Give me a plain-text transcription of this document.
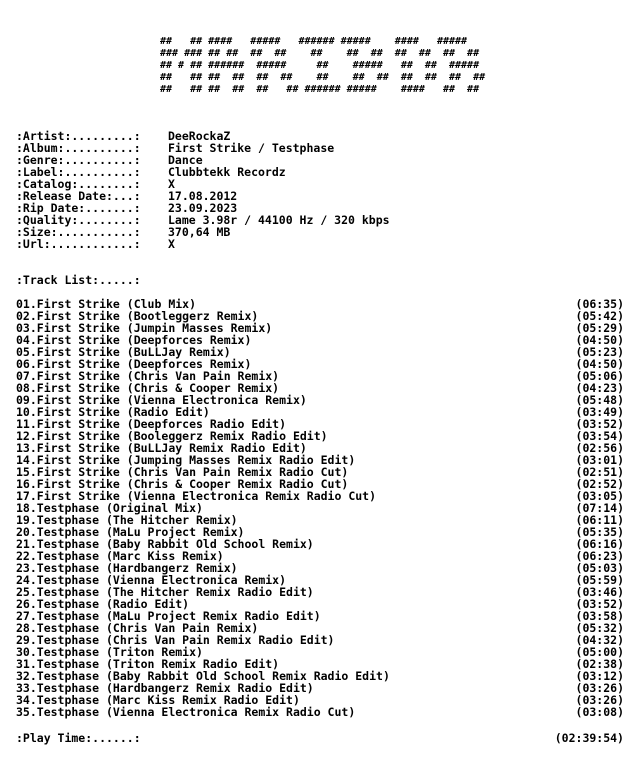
##   ## ####   #####   ###### #####    ####   #####
### ### ## ##  ##  ##    ##    ##  ##  ##  ##  ##  ##
## # ## ######  #####     ##    #####   ##  ##  #####
##   ## ##  ##  ##  ##    ##    ##  ##  ##  ##  ##  ##
##   ## ##  ##  ##   ## ###### #####    ####   ##  ##
:Artist:.........:	DeeRockaZ
:Album:..........:	First Strike / Testphase
:Genre:..........:	Dance
:Label:..........:	Clubbtekk Recordz
:Catalog:........:	X
:Release Date:...:	17.08.2012
:Rip Date:.......:	23.09.2023
:Quality:........:	Lame 3.98r / 44100 Hz / 320 kbps
:Size:...........:	370,64 MB
:Url:............:	X
:Track List:.....:
01.First Strike (Club Mix)	(06:35)
02.First Strike (Bootleggerz Remix)	(05:42)
03.First Strike (Jumpin Masses Remix)	(05:29)
04.First Strike (Deepforces Remix)	(04:50)
05.First Strike (BuLLJay Remix)	(05:23)
06.First Strike (Deepforces Remix)	(04:50)
07.First Strike (Chris Van Pain Remix)	(05:06)
08.First Strike (Chris & Cooper Remix)	(04:23)
09.First Strike (Vienna Electronica Remix)	(05:48)
10.First Strike (Radio Edit)	(03:49)
11.First Strike (Deepforces Radio Edit)	(03:52)
12.First Strike (Booleggerz Remix Radio Edit)	(03:54)
13.First Strike (BuLLJay Remix Radio Edit)	(02:56)
14.First Strike (Jumping Masses Remix Radio Edit)	(03:01)
15.First Strike (Chris Van Pain Remix Radio Cut)	(02:51)
16.First Strike (Chris & Cooper Remix Radio Cut)	(02:52)
17.First Strike (Vienna Electronica Remix Radio Cut)	(03:05)
18.Testphase (Original Mix)	(07:14)
19.Testphase (The Hitcher Remix)	(06:11)
20.Testphase (MaLu Project Remix)	(05:35)
21.Testphase (Baby Rabbit Old School Remix)	(06:16)
22.Testphase (Marc Kiss Remix)	(06:23)
23.Testphase (Hardbangerz Remix)	(05:03)
24.Testphase (Vienna Electronica Remix)	(05:59)
25.Testphase (The Hitcher Remix Radio Edit)	(03:46)
26.Testphase (Radio Edit)	(03:52)
27.Testphase (MaLu Project Remix Radio Edit)	(03:58)
28.Testphase (Chris Van Pain Remix)	(05:32)
29.Testphase (Chris Van Pain Remix Radio Edit)	(04:32)
30.Testphase (Triton Remix)	(05:00)
31.Testphase (Triton Remix Radio Edit)	(02:38)
32.Testphase (Baby Rabbit Old School Remix Radio Edit)	(03:12)
33.Testphase (Hardbangerz Remix Radio Edit)	(03:26)
34.Testphase (Marc Kiss Remix Radio Edit)	(03:26)
35.Testphase (Vienna Electronica Remix Radio Cut)	(03:08)
:Play Time:......:	(02:39:54)
